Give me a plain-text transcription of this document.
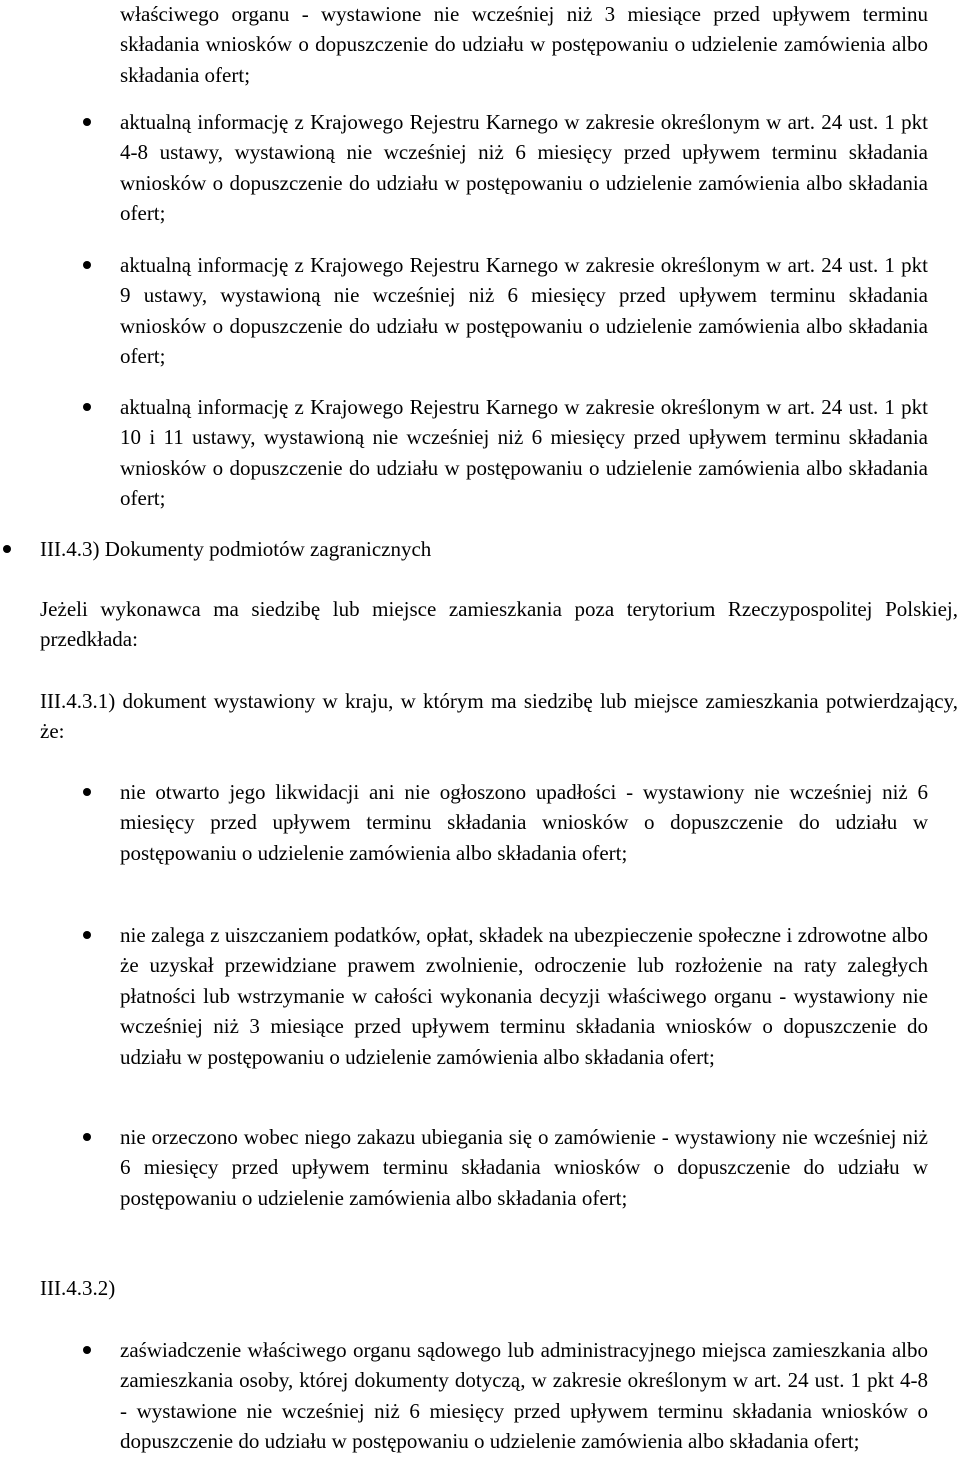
właściwego organu - wystawione nie wcześniej niż 3 miesiące przed upływem terminu składania wniosków o dopuszczenie do udziału w postępowaniu o udzielenie zamówienia albo składania ofert;

aktualną informację z Krajowego Rejestru Karnego w zakresie określonym w art. 24 ust. 1 pkt 4-8 ustawy, wystawioną nie wcześniej niż 6 miesięcy przed upływem terminu składania wniosków o dopuszczenie do udziału w postępowaniu o udzielenie zamówienia albo składania ofert;

aktualną informację z Krajowego Rejestru Karnego w zakresie określonym w art. 24 ust. 1 pkt 9 ustawy, wystawioną nie wcześniej niż 6 miesięcy przed upływem terminu składania wniosków o dopuszczenie do udziału w postępowaniu o udzielenie zamówienia albo składania ofert;

aktualną informację z Krajowego Rejestru Karnego w zakresie określonym w art. 24 ust. 1 pkt 10 i 11 ustawy, wystawioną nie wcześniej niż 6 miesięcy przed upływem terminu składania wniosków o dopuszczenie do udziału w postępowaniu o udzielenie zamówienia albo składania ofert;

III.4.3) Dokumenty podmiotów zagranicznych

Jeżeli wykonawca ma siedzibę lub miejsce zamieszkania poza terytorium Rzeczypospolitej Polskiej, przedkłada:

III.4.3.1) dokument wystawiony w kraju, w którym ma siedzibę lub miejsce zamieszkania potwierdzający, że:

nie otwarto jego likwidacji ani nie ogłoszono upadłości - wystawiony nie wcześniej niż 6 miesięcy przed upływem terminu składania wniosków o dopuszczenie do udziału w postępowaniu o udzielenie zamówienia albo składania ofert;

nie zalega z uiszczaniem podatków, opłat, składek na ubezpieczenie społeczne i zdrowotne albo że uzyskał przewidziane prawem zwolnienie, odroczenie lub rozłożenie na raty zaległych płatności lub wstrzymanie w całości wykonania decyzji właściwego organu - wystawiony nie wcześniej niż 3 miesiące przed upływem terminu składania wniosków o dopuszczenie do udziału w postępowaniu o udzielenie zamówienia albo składania ofert;

nie orzeczono wobec niego zakazu ubiegania się o zamówienie - wystawiony nie wcześniej niż 6 miesięcy przed upływem terminu składania wniosków o dopuszczenie do udziału w postępowaniu o udzielenie zamówienia albo składania ofert;

III.4.3.2)

zaświadczenie właściwego organu sądowego lub administracyjnego miejsca zamieszkania albo zamieszkania osoby, której dokumenty dotyczą, w zakresie określonym w art. 24 ust. 1 pkt 4-8 - wystawione nie wcześniej niż 6 miesięcy przed upływem terminu składania wniosków o dopuszczenie do udziału w postępowaniu o udzielenie zamówienia albo składania ofert;
